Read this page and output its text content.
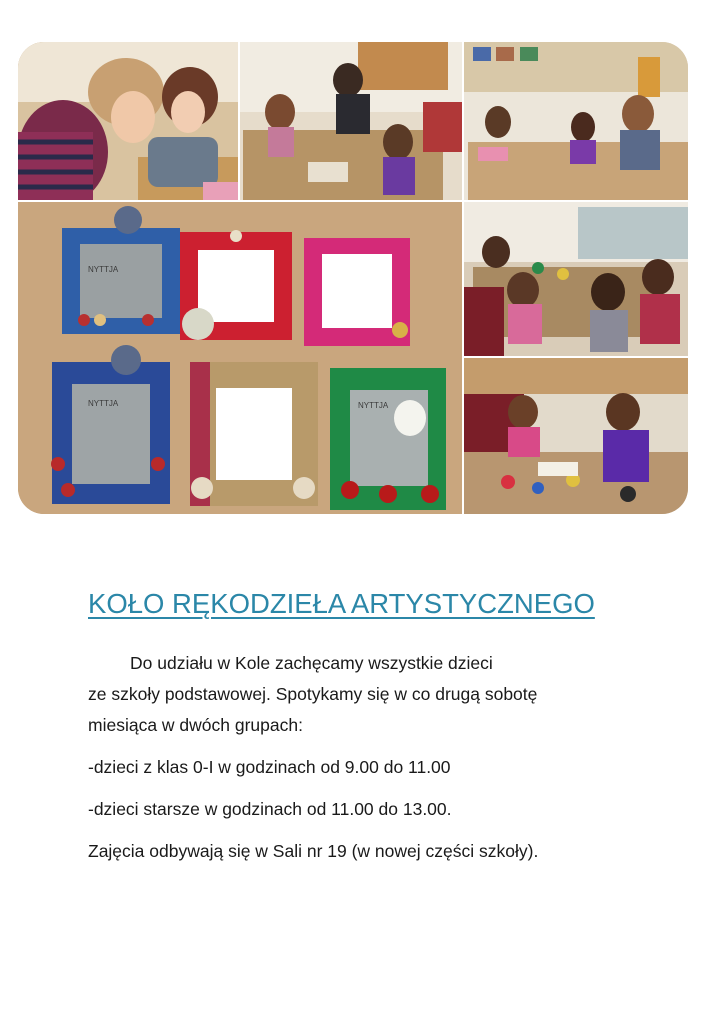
NYTTJA
NYTTJA	NYTTJA
KOŁO RĘKODZIEŁA ARTYSTYCZNEGO

Do udziału w Kole zachęcamy wszystkie dzieci

ze szkoły podstawowej. Spotykamy się w co drugą sobotę

miesiąca w dwóch grupach:

-dzieci z klas 0-I w godzinach od 9.00 do 11.00

-dzieci starsze w godzinach od 11.00 do 13.00.

Zajęcia odbywają się w Sali nr 19 (w nowej części szkoły).
